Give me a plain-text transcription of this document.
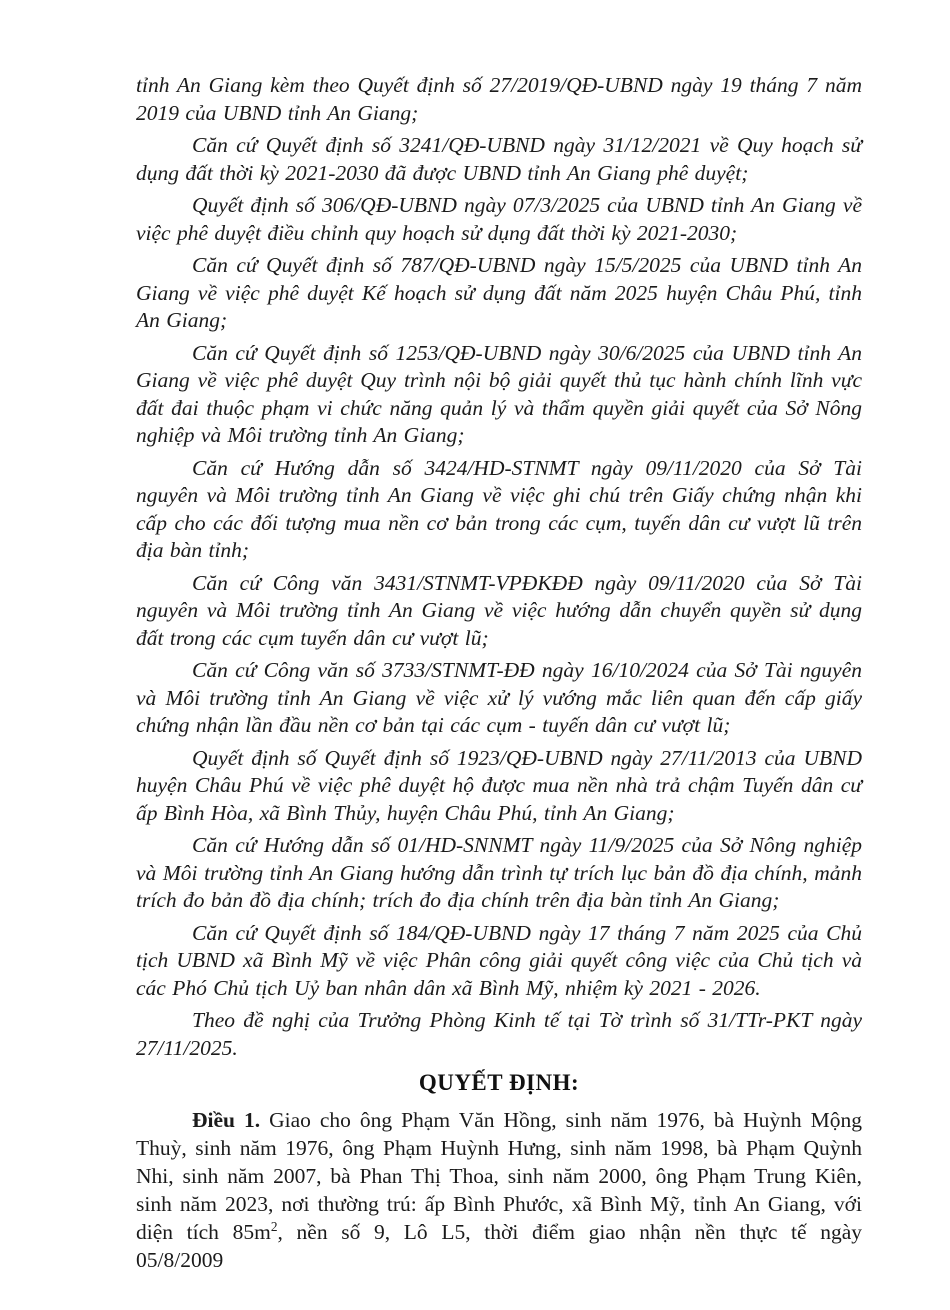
tỉnh An Giang kèm theo Quyết định số 27/2019/QĐ-UBND ngày 19 tháng 7 năm 2019 của UBND tỉnh An Giang;

Căn cứ Quyết định số 3241/QĐ-UBND ngày 31/12/2021 về Quy hoạch sử dụng đất thời kỳ 2021-2030 đã được UBND tỉnh An Giang phê duyệt;

Quyết định số 306/QĐ-UBND ngày 07/3/2025 của UBND tỉnh An Giang về việc phê duyệt điều chỉnh quy hoạch sử dụng đất thời kỳ 2021-2030;

Căn cứ Quyết định số 787/QĐ-UBND ngày 15/5/2025 của UBND tỉnh An Giang về việc phê duyệt Kế hoạch sử dụng đất năm 2025 huyện Châu Phú, tỉnh An Giang;

Căn cứ Quyết định số 1253/QĐ-UBND ngày 30/6/2025 của UBND tỉnh An Giang về việc phê duyệt Quy trình nội bộ giải quyết thủ tục hành chính lĩnh vực đất đai thuộc phạm vi chức năng quản lý và thẩm quyền giải quyết của Sở Nông nghiệp và Môi trường tỉnh An Giang;

Căn cứ Hướng dẫn số 3424/HD-STNMT ngày 09/11/2020 của Sở Tài nguyên và Môi trường tỉnh An Giang về việc ghi chú trên Giấy chứng nhận khi cấp cho các đối tượng mua nền cơ bản trong các cụm, tuyến dân cư vượt lũ trên địa bàn tỉnh;

Căn cứ Công văn 3431/STNMT-VPĐKĐĐ ngày 09/11/2020 của Sở Tài nguyên và Môi trường tỉnh An Giang về việc hướng dẫn chuyển quyền sử dụng đất trong các cụm tuyến dân cư vượt lũ;

Căn cứ Công văn số 3733/STNMT-ĐĐ ngày 16/10/2024 của Sở Tài nguyên và Môi trường tỉnh An Giang về việc xử lý vướng mắc liên quan đến cấp giấy chứng nhận lần đầu nền cơ bản tại các cụm - tuyến dân cư vượt lũ;

Quyết định số Quyết định số 1923/QĐ-UBND ngày 27/11/2013 của UBND huyện Châu Phú về việc phê duyệt hộ được mua nền nhà trả chậm Tuyến dân cư ấp Bình Hòa, xã Bình Thủy, huyện Châu Phú, tỉnh An Giang;

Căn cứ Hướng dẫn số 01/HD-SNNMT ngày 11/9/2025 của Sở Nông nghiệp và Môi trường tỉnh An Giang hướng dẫn trình tự trích lục bản đồ địa chính, mảnh trích đo bản đồ địa chính; trích đo địa chính trên địa bàn tỉnh An Giang;

Căn cứ Quyết định số 184/QĐ-UBND ngày 17 tháng 7 năm 2025 của Chủ tịch UBND xã Bình Mỹ về việc Phân công giải quyết công việc của Chủ tịch và các Phó Chủ tịch Uỷ ban nhân dân xã Bình Mỹ, nhiệm kỳ 2021 - 2026.

Theo đề nghị của Trưởng Phòng Kinh tế tại Tờ trình số 31/TTr-PKT ngày 27/11/2025.

QUYẾT ĐỊNH:

Điều 1. Giao cho ông Phạm Văn Hồng, sinh năm 1976, bà Huỳnh Mộng Thuỳ, sinh năm 1976, ông Phạm Huỳnh Hưng, sinh năm 1998, bà Phạm Quỳnh Nhi, sinh năm 2007, bà Phan Thị Thoa, sinh năm 2000, ông Phạm Trung Kiên, sinh năm 2023, nơi thường trú: ấp Bình Phước, xã Bình Mỹ, tỉnh An Giang, với diện tích $85m^2$, nền số 9, Lô L5, thời điểm giao nhận nền thực tế ngày 05/8/2009
